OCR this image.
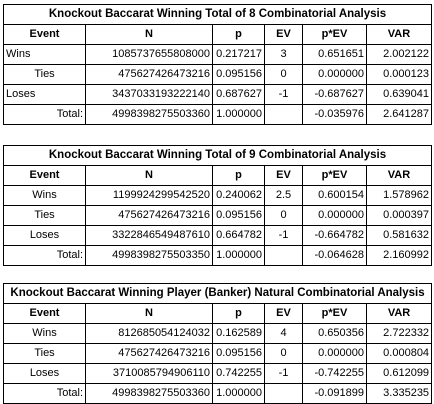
Knockout Baccarat Winning Total of 8 Combinatorial Analysis					
Event	N	p	EV	p*EV	VAR
Wins	1085737655808000	0.217217	3	0.651651	2.002122
Ties	475627426473216	0.095156	0	0.000000	0.000123
Loses	3437033193222140	0.687627	-1	-0.687627	0.639041
Total:	4998398275503360	1.000000		-0.035976	2.641287
Knockout Baccarat Winning Total of 9 Combinatorial Analysis					
Event	N	p	EV	p*EV	VAR
Wins	1199924299542520	0.240062	2.5	0.600154	1.578962
Ties	475627426473216	0.095156	0	0.000000	0.000397
Loses	3322846549487610	0.664782	-1	-0.664782	0.581632
Total:	4998398275503350	1.000000		-0.064628	2.160992
Knockout Baccarat Winning Player (Banker) Natural Combinatorial Analysis					
Event	N	p	EV	p*EV	VAR
Wins	812685054124032	0.162589	4	0.650356	2.722332
Ties	475627426473216	0.095156	0	0.000000	0.000804
Loses	3710085794906110	0.742255	-1	-0.742255	0.612099
Total:	4998398275503360	1.000000		-0.091899	3.335235
